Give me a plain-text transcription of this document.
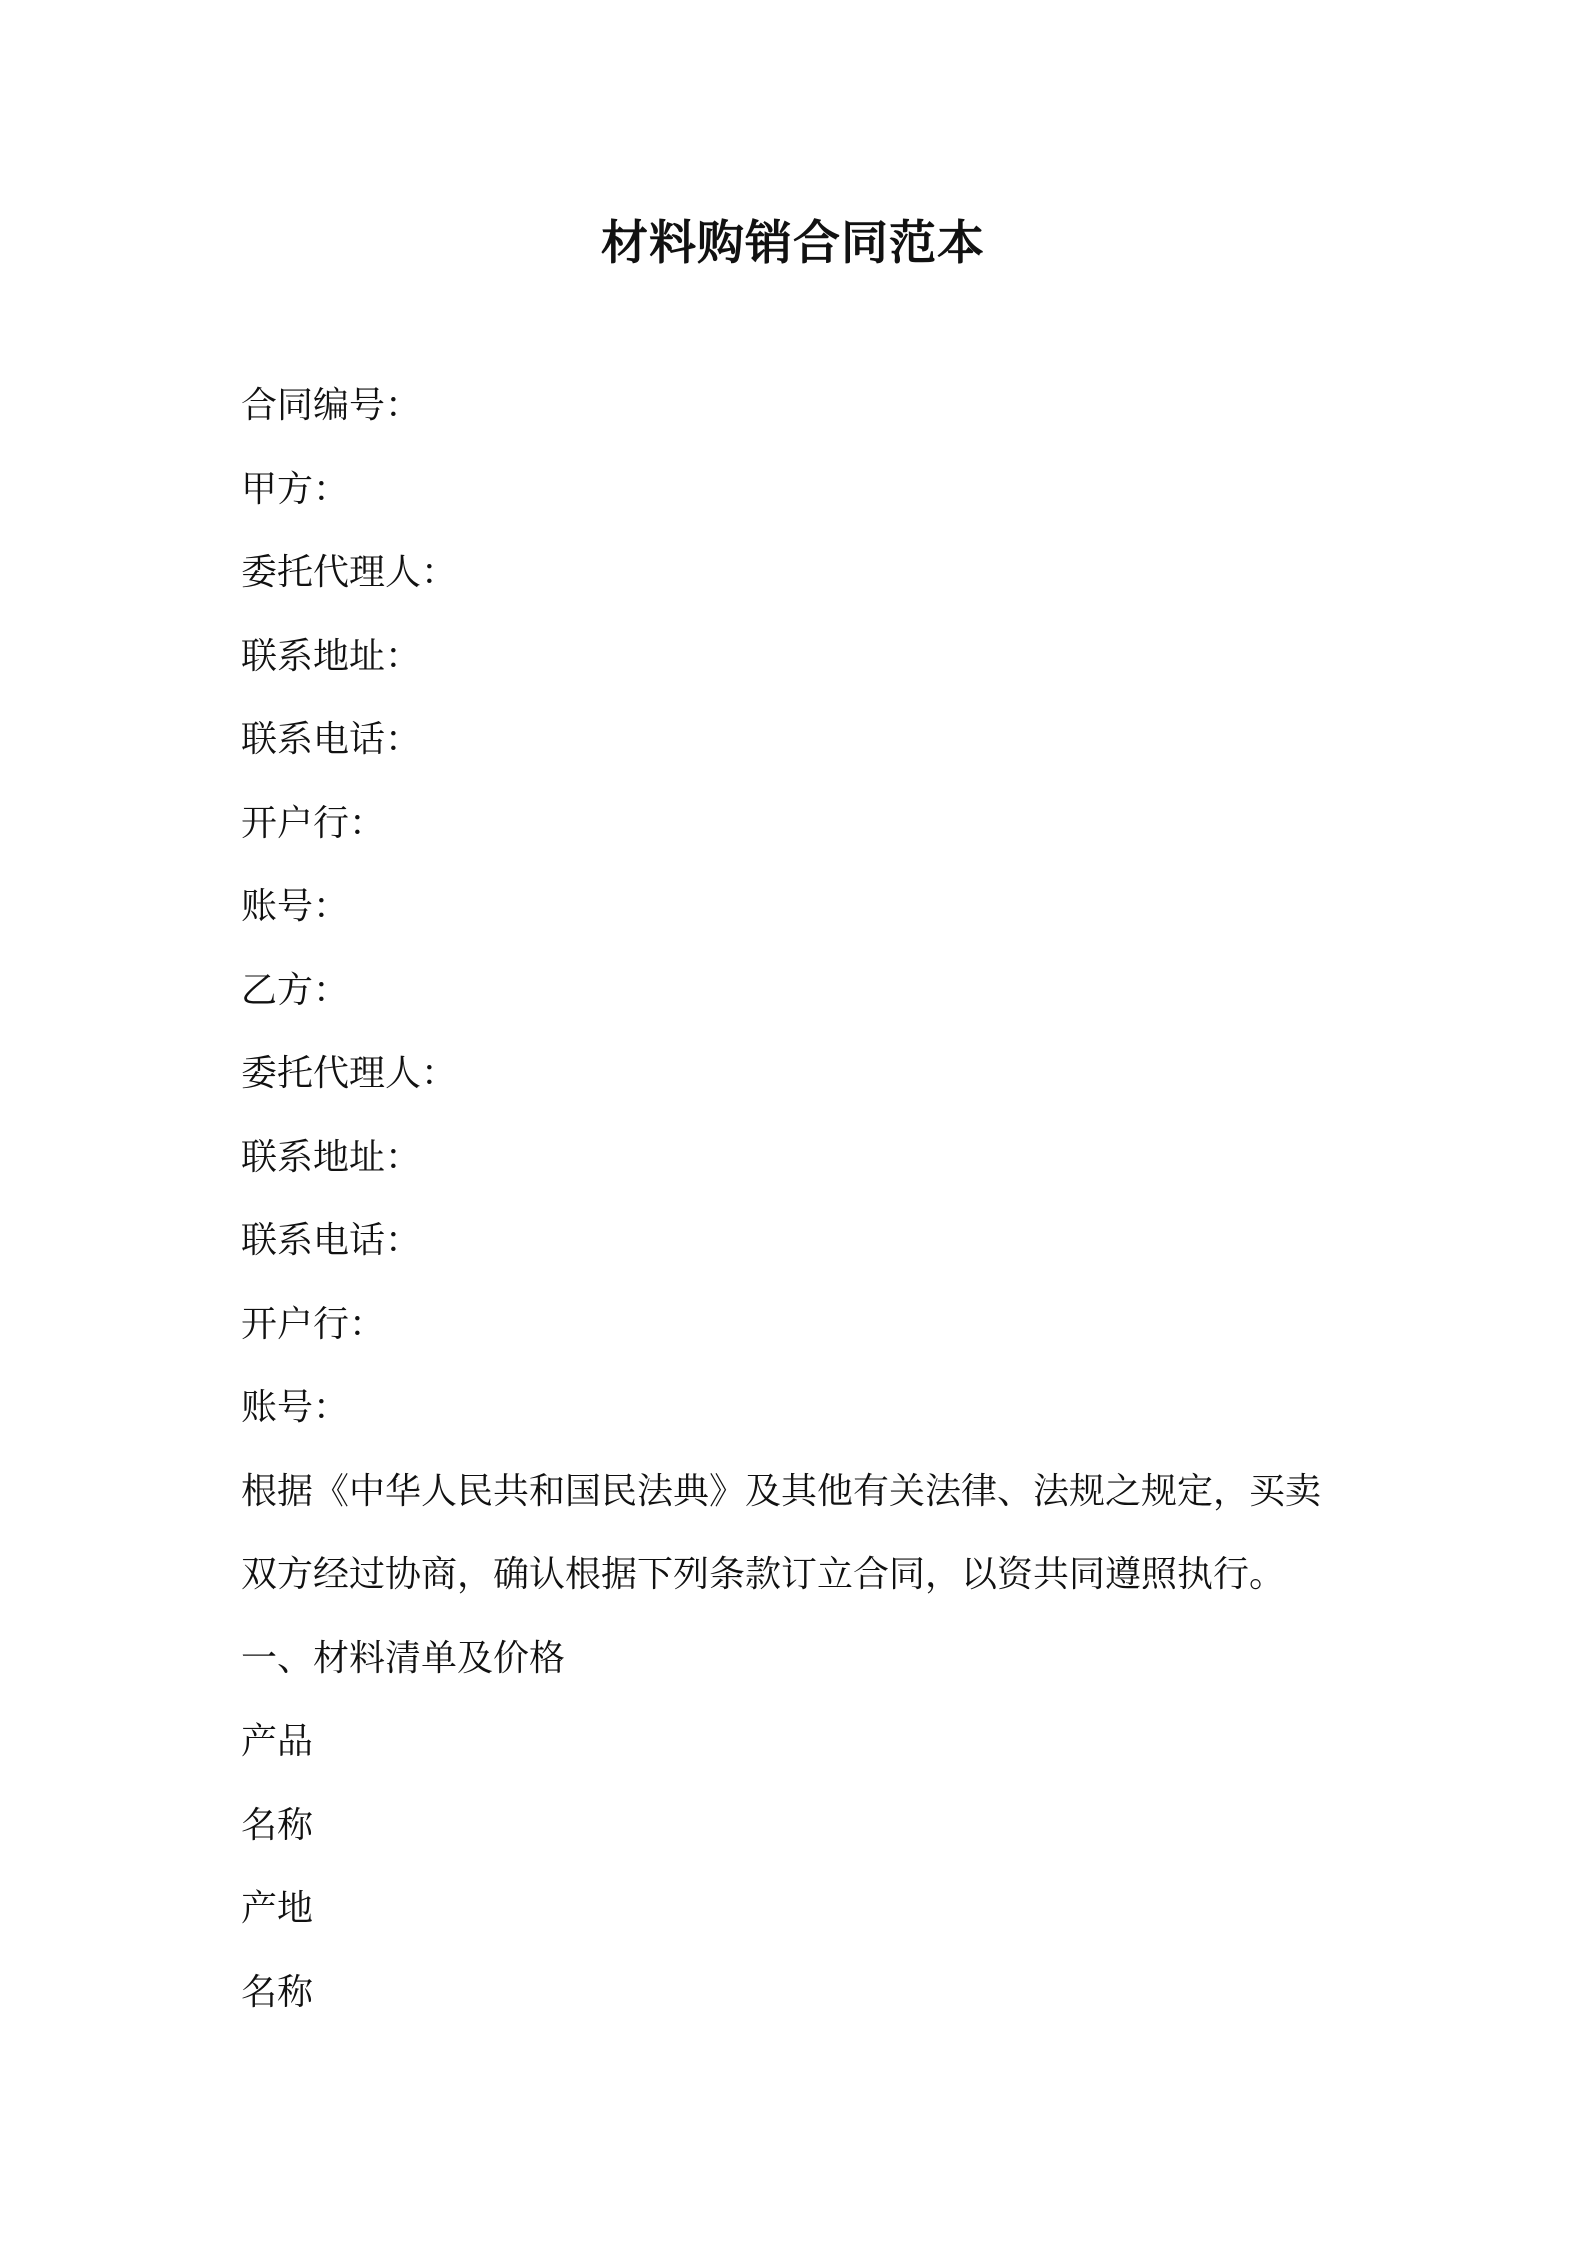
材料购销合同范本

合同编号：

甲方：

委托代理人：

联系地址：

联系电话：

开户行：

账号：

乙方：

委托代理人：

联系地址：

联系电话：

开户行：

账号：

根据《中华人民共和国民法典》及其他有关法律、法规之规定，买卖

双方经过协商，确认根据下列条款订立合同，以资共同遵照执行。

一、材料清单及价格

产品

名称

产地

名称
